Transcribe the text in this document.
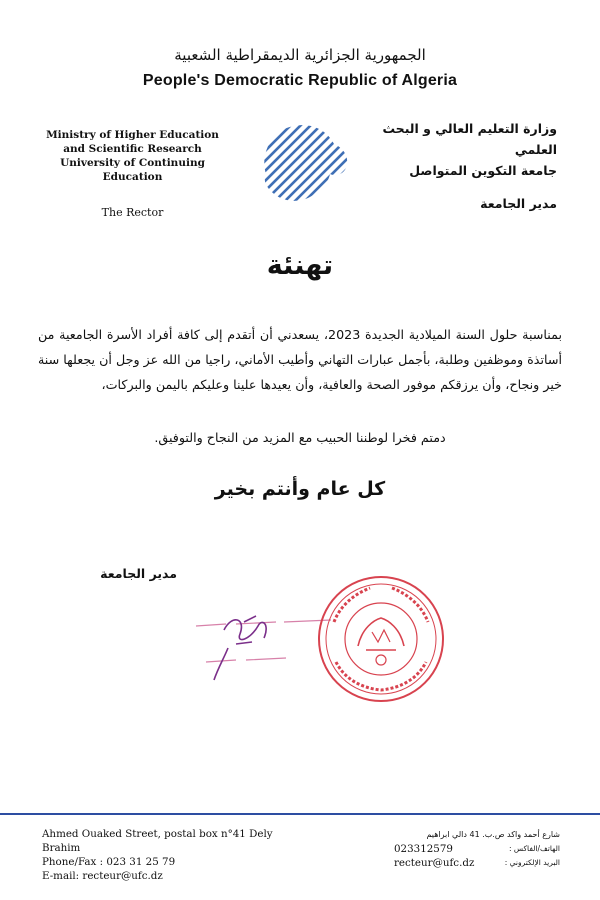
الجمهورية الجزائرية الديمقراطية الشعبية
People's Democratic Republic of Algeria
Ministry of Higher Education
and Scientific Research
University of Continuing Education
The Rector
وزارة التعليم العالي و البحث العلمي
جامعة التكوين المتواصل
مدير الجامعة
تهنئة

بمناسبة حلول السنة الميلادية الجديدة 2023، يسعدني أن أتقدم إلى كافة أفراد الأسرة الجامعية من أساتذة وموظفين وطلبة، بأجمل عبارات التهاني وأطيب الأماني، راجيا من الله عز وجل أن يجعلها سنة خير ونجاح، وأن يرزقكم موفور الصحة والعافية، وأن يعيدها علينا وعليكم باليمن والبركات،

دمتم فخرا لوطننا الحبيب مع المزيد من النجاح والتوفيق.
كل عام وأنتم بخير
مدير الجامعة
Ahmed Ouaked Street, postal box n°41 Dely Brahim
Phone/Fax : 023 31 25 79
E-mail: recteur@ufc.dz
شارع أحمد واكد ص.ب. 41 دالي ابراهيم
023312579	الهاتف/الفاكس :
recteur@ufc.dz	البريد الإلكتروني :
